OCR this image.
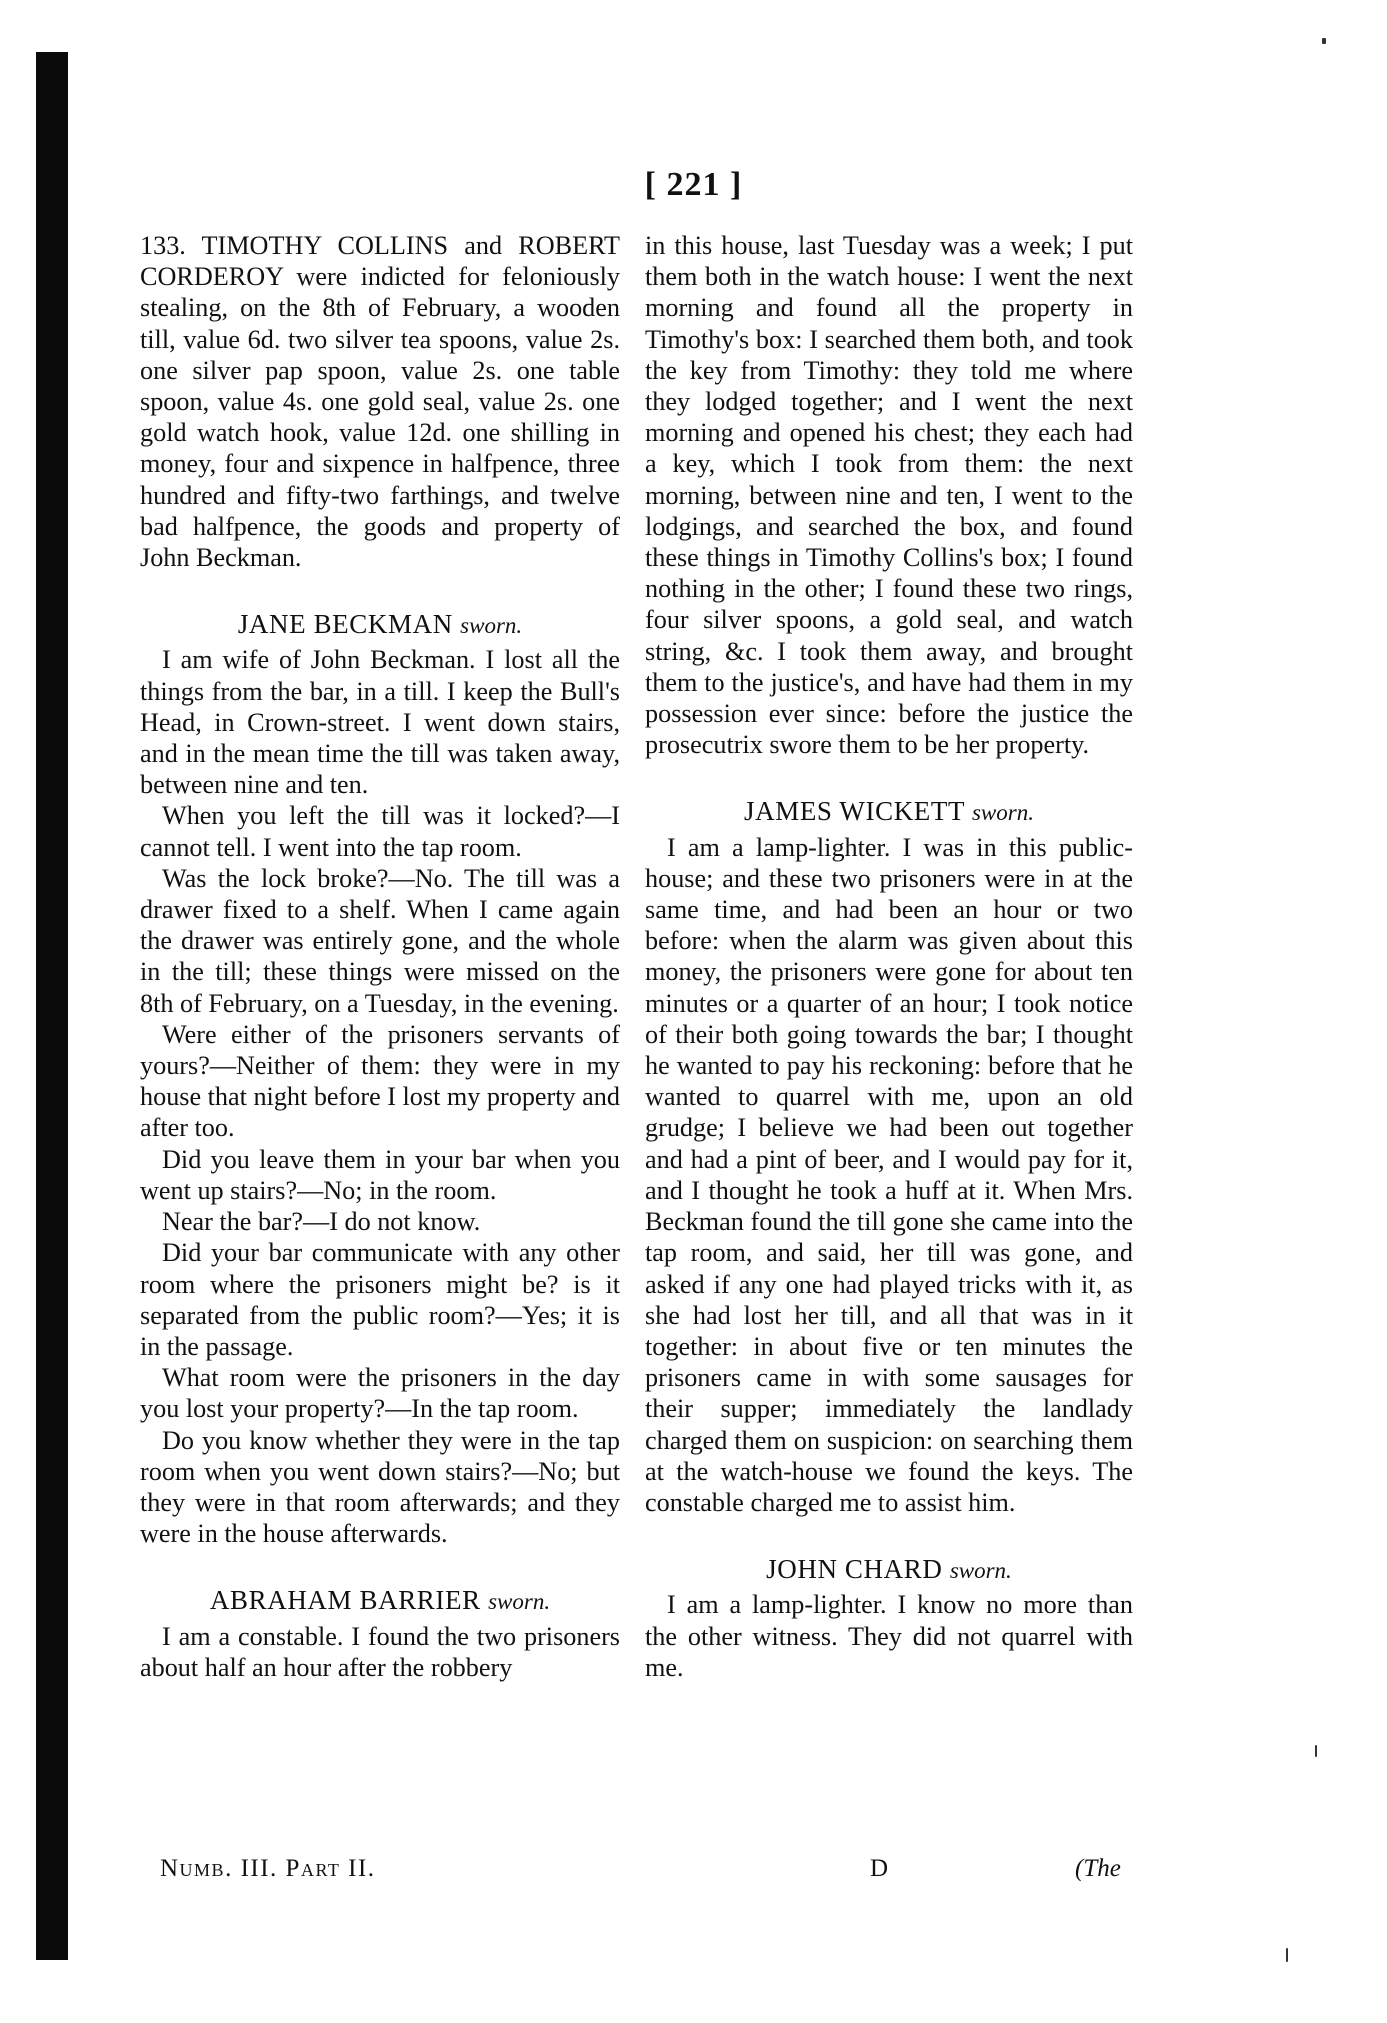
[ 221 ]

133. TIMOTHY COLLINS and ROBERT CORDEROY were indicted for feloniously stealing, on the 8th of February, a wooden till, value 6d. two silver tea spoons, value 2s. one silver pap spoon, value 2s. one table spoon, value 4s. one gold seal, value 2s. one gold watch hook, value 12d. one shilling in money, four and sixpence in halfpence, three hundred and fifty-two farthings, and twelve bad halfpence, the goods and property of John Beckman.

JANE BECKMAN sworn.

I am wife of John Beckman. I lost all the things from the bar, in a till. I keep the Bull's Head, in Crown-street. I went down stairs, and in the mean time the till was taken away, between nine and ten.

When you left the till was it locked?—I cannot tell. I went into the tap room.

Was the lock broke?—No. The till was a drawer fixed to a shelf. When I came again the drawer was entirely gone, and the whole in the till; these things were missed on the 8th of February, on a Tuesday, in the evening.

Were either of the prisoners servants of yours?—Neither of them: they were in my house that night before I lost my property and after too.

Did you leave them in your bar when you went up stairs?—No; in the room.

Near the bar?—I do not know.

Did your bar communicate with any other room where the prisoners might be? is it separated from the public room?—Yes; it is in the passage.

What room were the prisoners in the day you lost your property?—In the tap room.

Do you know whether they were in the tap room when you went down stairs?—No; but they were in that room afterwards; and they were in the house afterwards.

ABRAHAM BARRIER sworn.

I am a constable. I found the two prisoners about half an hour after the robbery

in this house, last Tuesday was a week; I put them both in the watch house: I went the next morning and found all the property in Timothy's box: I searched them both, and took the key from Timothy: they told me where they lodged together; and I went the next morning and opened his chest; they each had a key, which I took from them: the next morning, between nine and ten, I went to the lodgings, and searched the box, and found these things in Timothy Collins's box; I found nothing in the other; I found these two rings, four silver spoons, a gold seal, and watch string, &c. I took them away, and brought them to the justice's, and have had them in my possession ever since: before the justice the prosecutrix swore them to be her property.

JAMES WICKETT sworn.

I am a lamp-lighter. I was in this public-house; and these two prisoners were in at the same time, and had been an hour or two before: when the alarm was given about this money, the prisoners were gone for about ten minutes or a quarter of an hour; I took notice of their both going towards the bar; I thought he wanted to pay his reckoning: before that he wanted to quarrel with me, upon an old grudge; I believe we had been out together and had a pint of beer, and I would pay for it, and I thought he took a huff at it. When Mrs. Beckman found the till gone she came into the tap room, and said, her till was gone, and asked if any one had played tricks with it, as she had lost her till, and all that was in it together: in about five or ten minutes the prisoners came in with some sausages for their supper; immediately the landlady charged them on suspicion: on searching them at the watch-house we found the keys. The constable charged me to assist him.

JOHN CHARD sworn.

I am a lamp-lighter. I know no more than the other witness. They did not quarrel with me.

Numb. III. Part II.	D	(The
